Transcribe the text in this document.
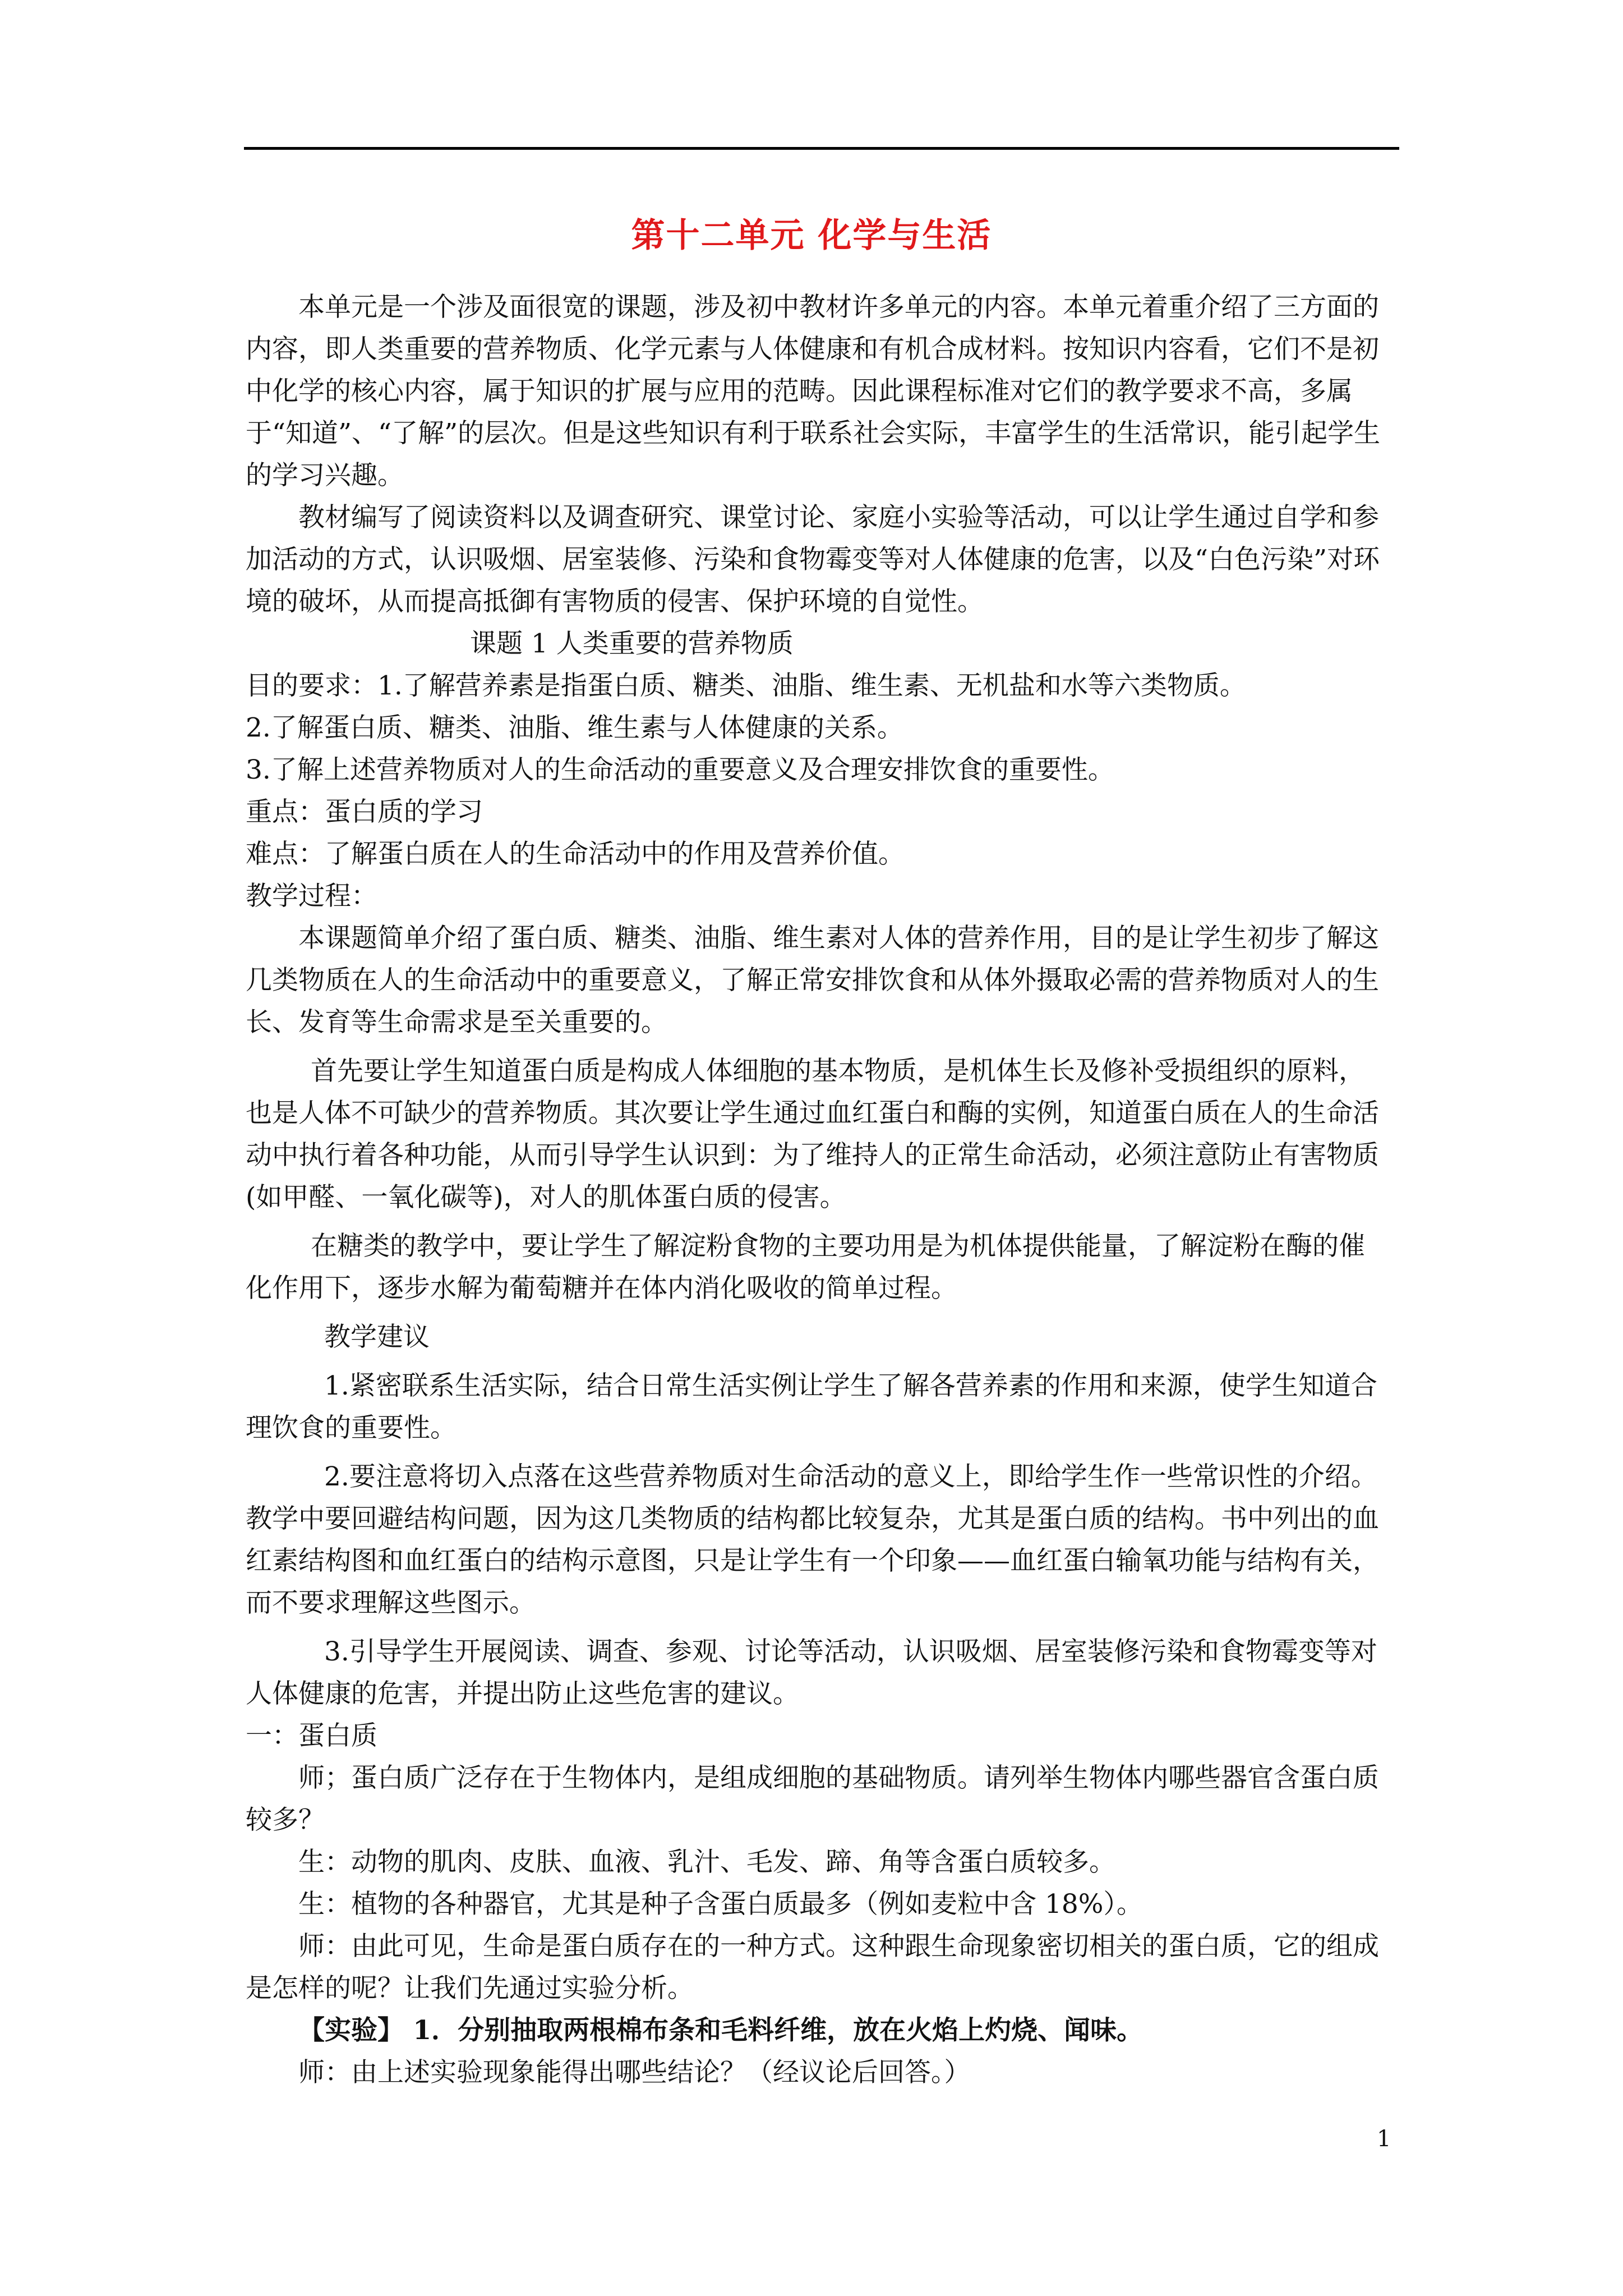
第十二单元 化学与生活

本单元是一个涉及面很宽的课题，涉及初中教材许多单元的内容。本单元着重介绍了三方面的内容，即人类重要的营养物质、化学元素与人体健康和有机合成材料。按知识内容看，它们不是初中化学的核心内容，属于知识的扩展与应用的范畴。因此课程标准对它们的教学要求不高，多属于“知道”、“了解”的层次。但是这些知识有利于联系社会实际，丰富学生的生活常识，能引起学生的学习兴趣。

教材编写了阅读资料以及调查研究、课堂讨论、家庭小实验等活动，可以让学生通过自学和参加活动的方式，认识吸烟、居室装修、污染和食物霉变等对人体健康的危害，以及“白色污染”对环境的破坏，从而提高抵御有害物质的侵害、保护环境的自觉性。

课题 1 人类重要的营养物质

目的要求：1.了解营养素是指蛋白质、糖类、油脂、维生素、无机盐和水等六类物质。

2.了解蛋白质、糖类、油脂、维生素与人体健康的关系。

3.了解上述营养物质对人的生命活动的重要意义及合理安排饮食的重要性。

重点：蛋白质的学习

难点：了解蛋白质在人的生命活动中的作用及营养价值。

教学过程：

本课题简单介绍了蛋白质、糖类、油脂、维生素对人体的营养作用，目的是让学生初步了解这几类物质在人的生命活动中的重要意义，了解正常安排饮食和从体外摄取必需的营养物质对人的生长、发育等生命需求是至关重要的。

首先要让学生知道蛋白质是构成人体细胞的基本物质，是机体生长及修补受损组织的原料，也是人体不可缺少的营养物质。其次要让学生通过血红蛋白和酶的实例，知道蛋白质在人的生命活动中执行着各种功能，从而引导学生认识到：为了维持人的正常生命活动，必须注意防止有害物质(如甲醛、一氧化碳等)，对人的肌体蛋白质的侵害。

在糖类的教学中，要让学生了解淀粉食物的主要功用是为机体提供能量，了解淀粉在酶的催化作用下，逐步水解为葡萄糖并在体内消化吸收的简单过程。

教学建议

1.紧密联系生活实际，结合日常生活实例让学生了解各营养素的作用和来源，使学生知道合理饮食的重要性。

2.要注意将切入点落在这些营养物质对生命活动的意义上，即给学生作一些常识性的介绍。教学中要回避结构问题，因为这几类物质的结构都比较复杂，尤其是蛋白质的结构。书中列出的血红素结构图和血红蛋白的结构示意图，只是让学生有一个印象——血红蛋白输氧功能与结构有关，而不要求理解这些图示。

3.引导学生开展阅读、调查、参观、讨论等活动，认识吸烟、居室装修污染和食物霉变等对人体健康的危害，并提出防止这些危害的建议。

一：蛋白质

师；蛋白质广泛存在于生物体内，是组成细胞的基础物质。请列举生物体内哪些器官含蛋白质较多？

生：动物的肌肉、皮肤、血液、乳汁、毛发、蹄、角等含蛋白质较多。

生：植物的各种器官，尤其是种子含蛋白质最多（例如麦粒中含 18%）。

师：由此可见，生命是蛋白质存在的一种方式。这种跟生命现象密切相关的蛋白质，它的组成是怎样的呢？让我们先通过实验分析。

【实验】 1．分别抽取两根棉布条和毛料纤维，放在火焰上灼烧、闻味。

师：由上述实验现象能得出哪些结论？（经议论后回答。）

1
